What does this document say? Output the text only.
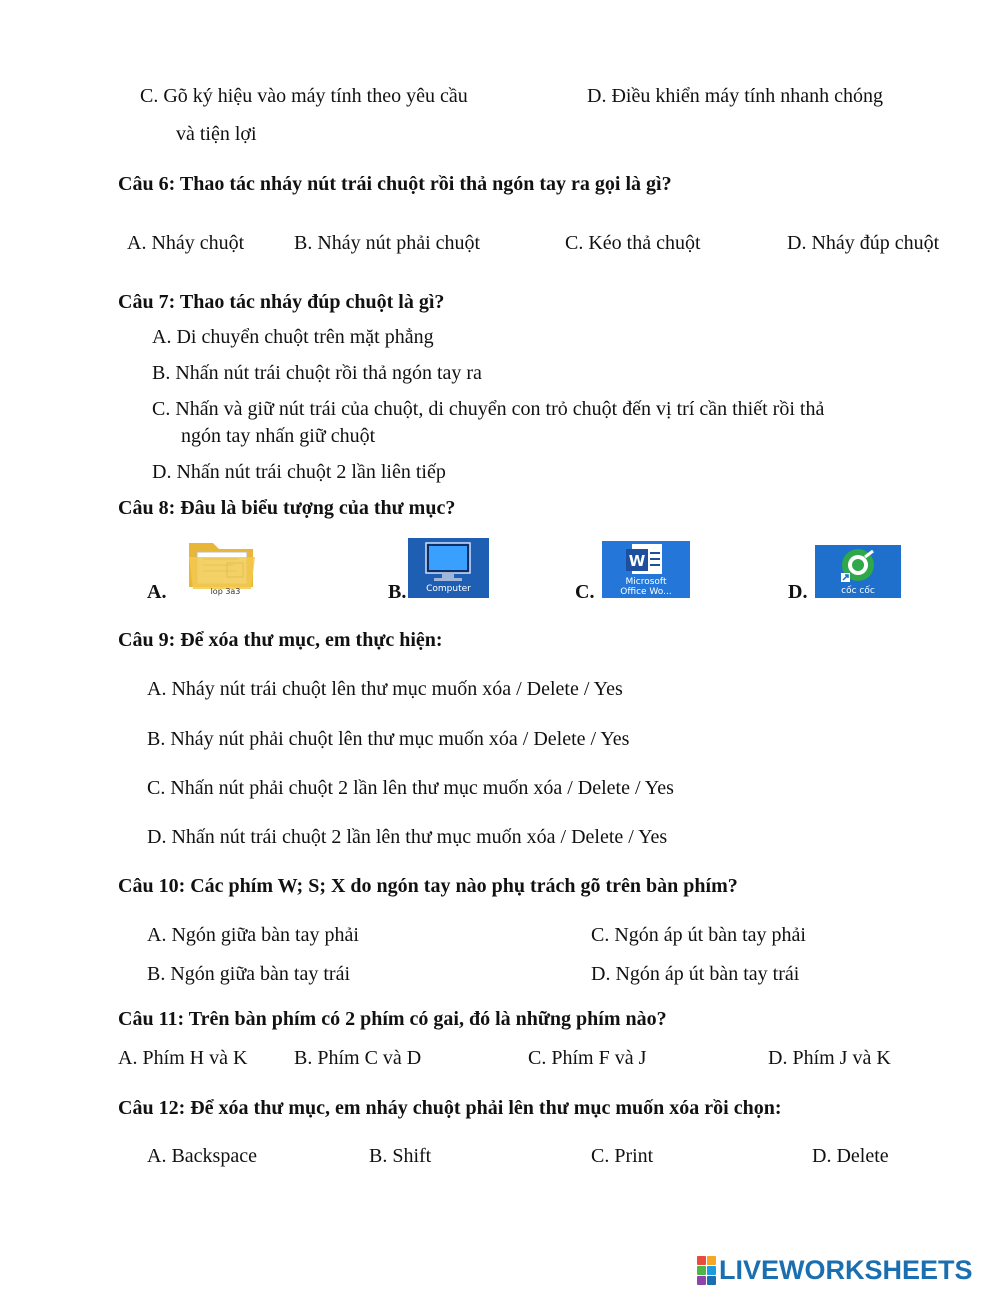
C. Gõ ký hiệu vào máy tính theo yêu cầu	D. Điều khiển máy tính nhanh chóng
và tiện lợi
Câu 6: Thao tác nháy nút trái chuột rồi thả ngón tay ra gọi là gì?
A. Nháy chuột B. Nháy nút phải chuột	C. Kéo thả chuột	D. Nháy đúp chuột
Câu 7: Thao tác nháy đúp chuột là gì?
A. Di chuyển chuột trên mặt phẳng
B. Nhấn nút trái chuột rồi thả ngón tay ra
C. Nhấn và giữ nút trái của chuột, di chuyển con trỏ chuột đến vị trí cần thiết rồi thả
ngón tay nhấn giữ chuột
D. Nhấn nút trái chuột 2 lần liên tiếp
Câu 8: Đâu là biểu tượng của thư mục?
A.	lop 3a3	B.	Computer	C.
W
Microsoft
Office Wo...	D.	cốc cốc
Câu 9: Để xóa thư mục, em thực hiện:
A. Nháy nút trái chuột lên thư mục muốn xóa / Delete / Yes
B. Nháy nút phải chuột lên thư mục muốn xóa / Delete / Yes
C. Nhấn nút phải chuột 2 lần lên thư mục muốn xóa / Delete / Yes
D. Nhấn nút trái chuột 2 lần lên thư mục muốn xóa / Delete / Yes
Câu 10: Các phím W; S; X do ngón tay nào phụ trách gõ trên bàn phím?
A. Ngón giữa bàn tay phải
B. Ngón giữa bàn tay trái
C. Ngón áp út bàn tay phải
D. Ngón áp út bàn tay trái
Câu 11: Trên bàn phím có 2 phím có gai, đó là những phím nào?
A. Phím H và K B. Phím C và D	C. Phím F và J	D. Phím J và K
Câu 12: Để xóa thư mục, em nháy chuột phải lên thư mục muốn xóa rồi chọn:
A. Backspace	B. Shift	C. Print	D. Delete
LIVEWORKSHEETS
